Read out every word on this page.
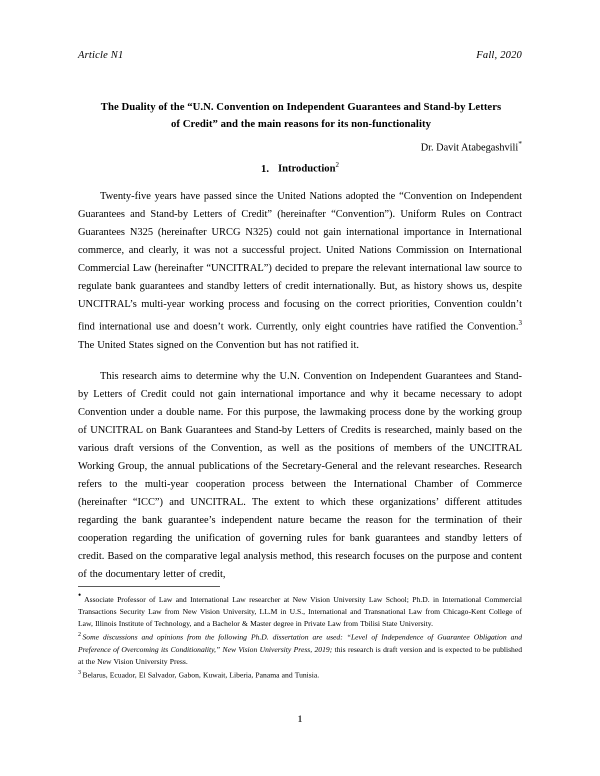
Article N1	Fall, 2020
The Duality of the “U.N. Convention on Independent Guarantees and Stand-by Letters
of Credit” and the main reasons for its non-functionality
Dr. Davit Atabegashvili*
1. Introduction$^2$

Twenty-five years have passed since the United Nations adopted the “Convention on Independent Guarantees and Stand-by Letters of Credit” (hereinafter “Convention”). Uniform Rules on Contract Guarantees N325 (hereinafter URCG N325) could not gain international importance in International commerce, and clearly, it was not a successful project. United Nations Commission on International Commercial Law (hereinafter “UNCITRAL”) decided to prepare the relevant international law source to regulate bank guarantees and standby letters of credit internationally. But, as history shows us, despite UNCITRAL’s multi-year working process and focusing on the correct priorities, Convention couldn’t find international use and doesn’t work. Currently, only eight countries have ratified the Convention.$^3$ The United States signed on the Convention but has not ratified it.

This research aims to determine why the U.N. Convention on Independent Guarantees and Stand-by Letters of Credit could not gain international importance and why it became necessary to adopt Convention under a double name. For this purpose, the lawmaking process done by the working group of UNCITRAL on Bank Guarantees and Stand-by Letters of Credits is researched, mainly based on the various draft versions of the Convention, as well as the positions of members of the UNCITRAL Working Group, the annual publications of the Secretary-General and the relevant researches. Research refers to the multi-year cooperation process between the International Chamber of Commerce (hereinafter “ICC”) and UNCITRAL. The extent to which these organizations’ different attitudes regarding the bank guarantee’s independent nature became the reason for the termination of their cooperation regarding the unification of governing rules for bank guarantees and standby letters of credit. Based on the comparative legal analysis method, this research focuses on the purpose and content of the documentary letter of credit,

• Associate Professor of Law and International Law researcher at New Vision University Law School; Ph.D. in International Commercial Transactions Security Law from New Vision University, LL.M in U.S., International and Transnational Law from Chicago-Kent College of Law, Illinois Institute of Technology, and a Bachelor & Master degree in Private Law from Tbilisi State University.

$^2$ Some discussions and opinions from the following Ph.D. dissertation are used: “Level of Independence of Guarantee Obligation and Preference of Overcoming its Conditionality,” New Vision University Press, 2019; this research is draft version and is expected to be published at the New Vision University Press.

$^3$ Belarus, Ecuador, El Salvador, Gabon, Kuwait, Liberia, Panama and Tunisia.

1
